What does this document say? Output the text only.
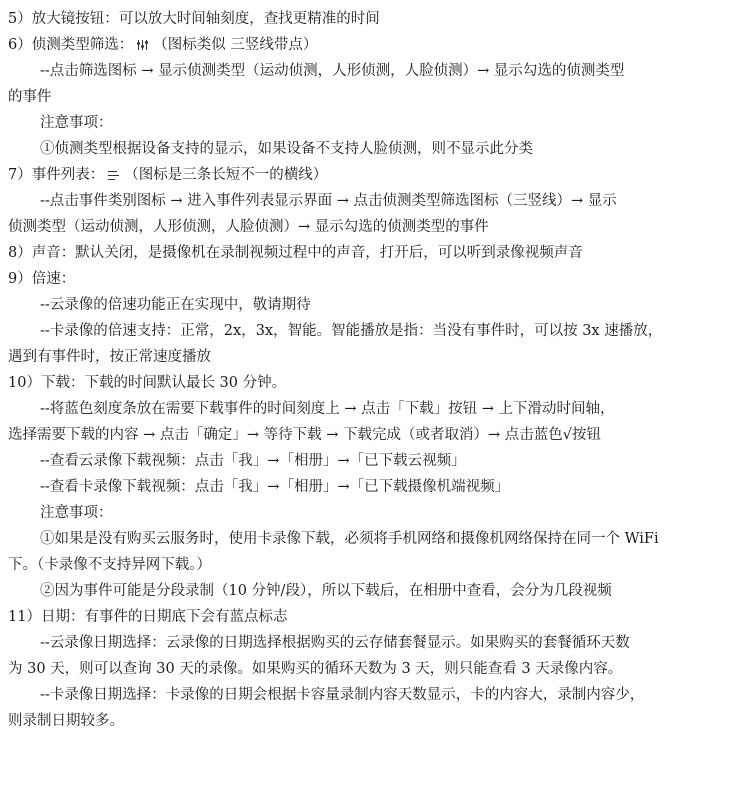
5）放大镜按钮：可以放大时间轴刻度，查找更精准的时间
6）侦测类型筛选： （图标类似 三竖线带点）
--点击筛选图标 → 显示侦测类型（运动侦测，人形侦测，人脸侦测）→ 显示勾选的侦测类型
的事件
注意事项：
①侦测类型根据设备支持的显示，如果设备不支持人脸侦测，则不显示此分类
7）事件列表： （图标是三条长短不一的横线）
--点击事件类别图标 → 进入事件列表显示界面 → 点击侦测类型筛选图标（三竖线）→ 显示
侦测类型（运动侦测，人形侦测，人脸侦测）→ 显示勾选的侦测类型的事件
8）声音：默认关闭，是摄像机在录制视频过程中的声音，打开后，可以听到录像视频声音
9）倍速：
--云录像的倍速功能正在实现中，敬请期待
--卡录像的倍速支持：正常，2x，3x，智能。智能播放是指：当没有事件时，可以按 3x 速播放，
遇到有事件时，按正常速度播放
10）下载：下载的时间默认最长 30 分钟。
--将蓝色刻度条放在需要下载事件的时间刻度上 → 点击「下载」按钮 → 上下滑动时间轴，
选择需要下载的内容 → 点击「确定」→ 等待下载 → 下载完成（或者取消）→ 点击蓝色√按钮
--查看云录像下载视频：点击「我」→「相册」→「已下载云视频」
--查看卡录像下载视频：点击「我」→「相册」→「已下载摄像机端视频」
注意事项：
①如果是没有购买云服务时，使用卡录像下载，必须将手机网络和摄像机网络保持在同一个 WiFi
下。（卡录像不支持异网下载。）
②因为事件可能是分段录制（10 分钟/段），所以下载后，在相册中查看，会分为几段视频
11）日期：有事件的日期底下会有蓝点标志
--云录像日期选择：云录像的日期选择根据购买的云存储套餐显示。如果购买的套餐循环天数
为 30 天，则可以查询 30 天的录像。如果购买的循环天数为 3 天，则只能查看 3 天录像内容。
--卡录像日期选择：卡录像的日期会根据卡容量录制内容天数显示，卡的内容大，录制内容少，
则录制日期较多。
